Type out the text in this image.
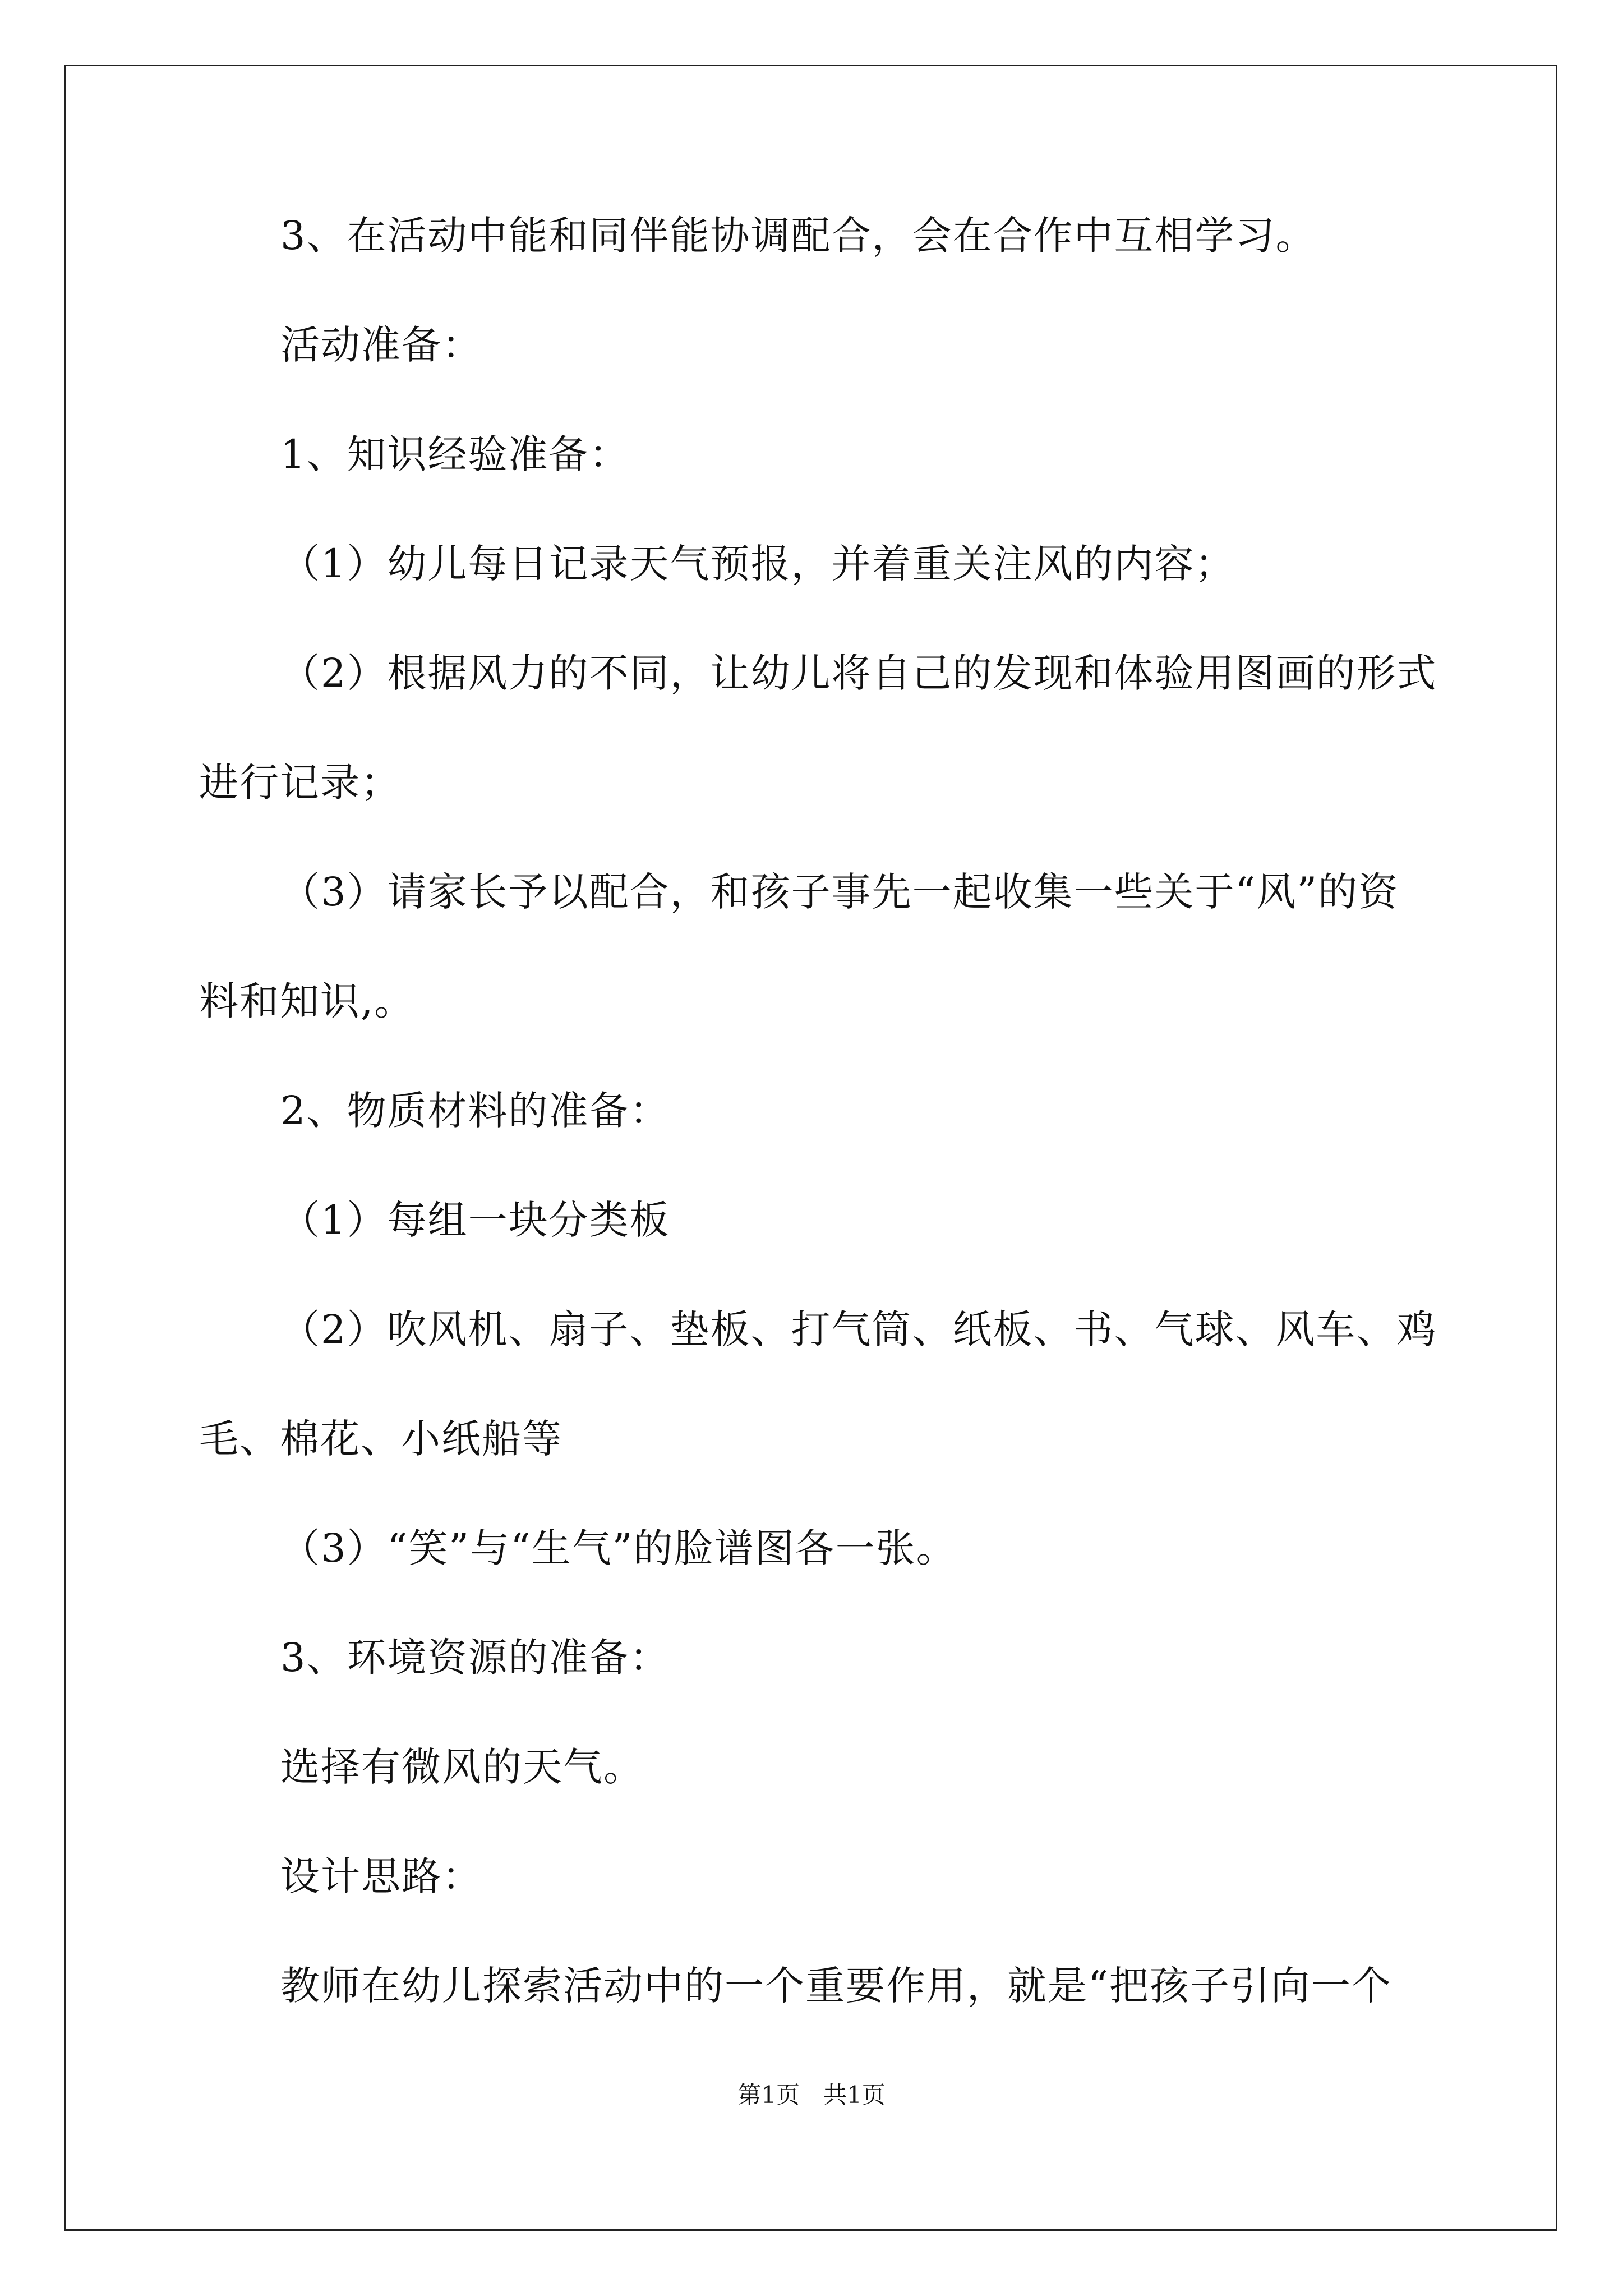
3、在活动中能和同伴能协调配合，会在合作中互相学习。

活动准备：

1、知识经验准备：

（1）幼儿每日记录天气预报，并着重关注风的内容；

（2）根据风力的不同，让幼儿将自己的发现和体验用图画的形式

进行记录；

（3）请家长予以配合，和孩子事先一起收集一些关于“风”的资

料和知识,。

2、物质材料的准备：

（1）每组一块分类板

（2）吹风机、扇子、垫板、打气筒、纸板、书、气球、风车、鸡

毛、棉花、小纸船等

（3）“笑”与“生气”的脸谱图各一张。

3、环境资源的准备：

选择有微风的天气。

设计思路：

教师在幼儿探索活动中的一个重要作用，就是“把孩子引向一个

第1页　共1页
